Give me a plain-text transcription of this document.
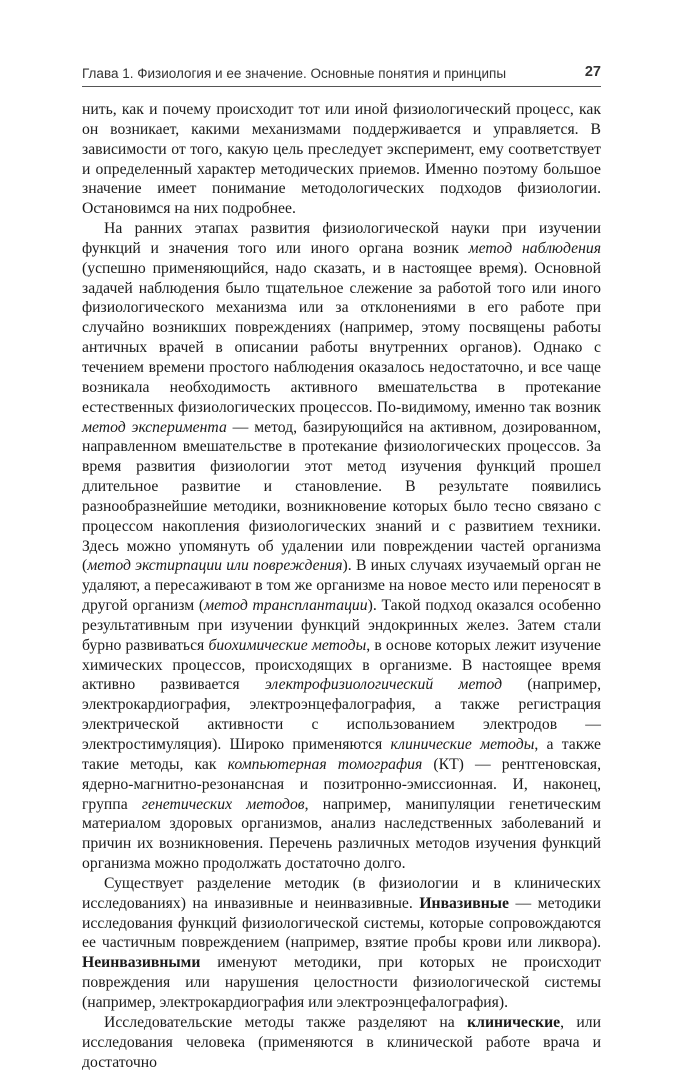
Глава 1. Физиология и ее значение. Основные понятия и принципы	27

нить, как и почему происходит тот или иной физиологический процесс, как он возникает, какими механизмами поддерживается и управляется. В зависимости от того, какую цель преследует эксперимент, ему соответствует и определенный характер методических приемов. Именно поэтому большое значение имеет понимание методологических подходов физиологии. Остановимся на них подробнее.

На ранних этапах развития физиологической науки при изучении функций и значения того или иного органа возник метод наблюдения (успешно применяющийся, надо сказать, и в настоящее время). Основной задачей наблюдения было тщательное слежение за работой того или иного физиологического механизма или за отклонениями в его работе при случайно возникших повреждениях (например, этому посвящены работы античных врачей в описании работы внутренних органов). Однако с течением времени простого наблюдения оказалось недостаточно, и все чаще возникала необходимость активного вмешательства в протекание естественных физиологических процессов. По-видимому, именно так возник метод эксперимента — метод, базирующийся на активном, дозированном, направленном вмешательстве в протекание физиологических процессов. За время развития физиологии этот метод изучения функций прошел длительное развитие и становление. В результате появились разнообразнейшие методики, возникновение которых было тесно связано с процессом накопления физиологических знаний и с развитием техники. Здесь можно упомянуть об удалении или повреждении частей организма (метод экстирпации или повреждения). В иных случаях изучаемый орган не удаляют, а пересаживают в том же организме на новое место или переносят в другой организм (метод трансплантации). Такой подход оказался особенно результативным при изучении функций эндокринных желез. Затем стали бурно развиваться биохимические методы, в основе которых лежит изучение химических процессов, происходящих в организме. В настоящее время активно развивается электрофизиологический метод (например, электрокардиография, электроэнцефалография, а также регистрация электрической активности с использованием электродов — электростимуляция). Широко применяются клинические методы, а также такие методы, как компьютерная томография (КТ) — рентгеновская, ядерно-магнитно-резонансная и позитронно-эмиссионная. И, наконец, группа генетических методов, например, манипуляции генетическим материалом здоровых организмов, анализ наследственных заболеваний и причин их возникновения. Перечень различных методов изучения функций организма можно продолжать достаточно долго.

Существует разделение методик (в физиологии и в клинических исследованиях) на инвазивные и неинвазивные. Инвазивные — методики исследования функций физиологической системы, которые сопровождаются ее частичным повреждением (например, взятие пробы крови или ликвора). Неинвазивными именуют методики, при которых не происходит повреждения или нарушения целостности физиологической системы (например, электрокардиография или электроэнцефалография).

Исследовательские методы также разделяют на клинические, или исследования человека (применяются в клинической работе врача и достаточно
